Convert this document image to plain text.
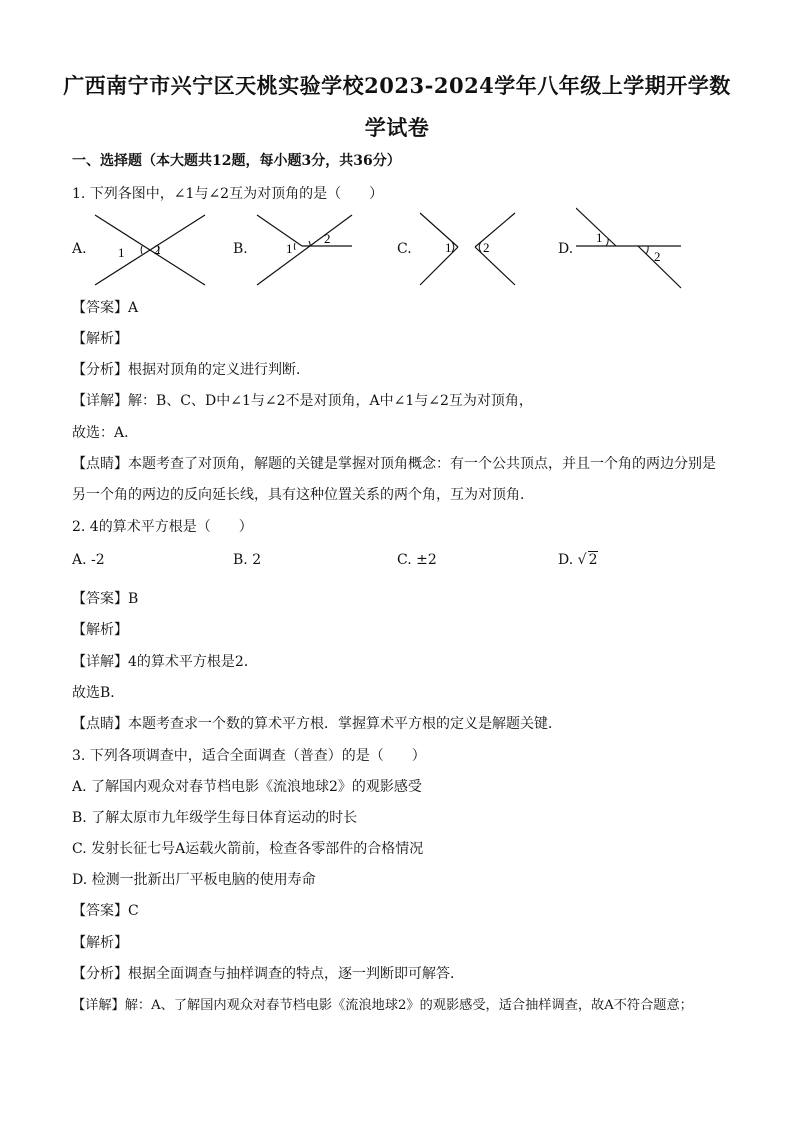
广西南宁市兴宁区天桃实验学校2023-2024学年八年级上学期开学数
学试卷
一、选择题（本大题共12题，每小题3分，共36分）
1. 下列各图中，∠1与∠2互为对顶角的是（　　）
A. 1 2	B.	1
2
C.	1 2	D.
1
2
【答案】A
【解析】
【分析】根据对顶角的定义进行判断．
【详解】解：B、C、D中∠1与∠2不是对顶角，A中∠1与∠2互为对顶角，
故选：A．
【点睛】本题考查了对顶角，解题的关键是掌握对顶角概念：有一个公共顶点，并且一个角的两边分别是
另一个角的两边的反向延长线，具有这种位置关系的两个角，互为对顶角．
2. 4的算术平方根是（　　）
A. -2	B. 2	C. ±2	D. √ 2
【答案】B
【解析】
【详解】4的算术平方根是2．
故选B．
【点睛】本题考查求一个数的算术平方根．掌握算术平方根的定义是解题关键．
3. 下列各项调查中，适合全面调查（普查）的是（　　）
A. 了解国内观众对春节档电影《流浪地球2》的观影感受
B. 了解太原市九年级学生每日体育运动的时长
C. 发射长征七号A运载火箭前，检查各零部件的合格情况
D. 检测一批新出厂平板电脑的使用寿命
【答案】C
【解析】
【分析】根据全面调查与抽样调查的特点，逐一判断即可解答．
【详解】解：A、了解国内观众对春节档电影《流浪地球2》的观影感受，适合抽样调查，故A不符合题意；
